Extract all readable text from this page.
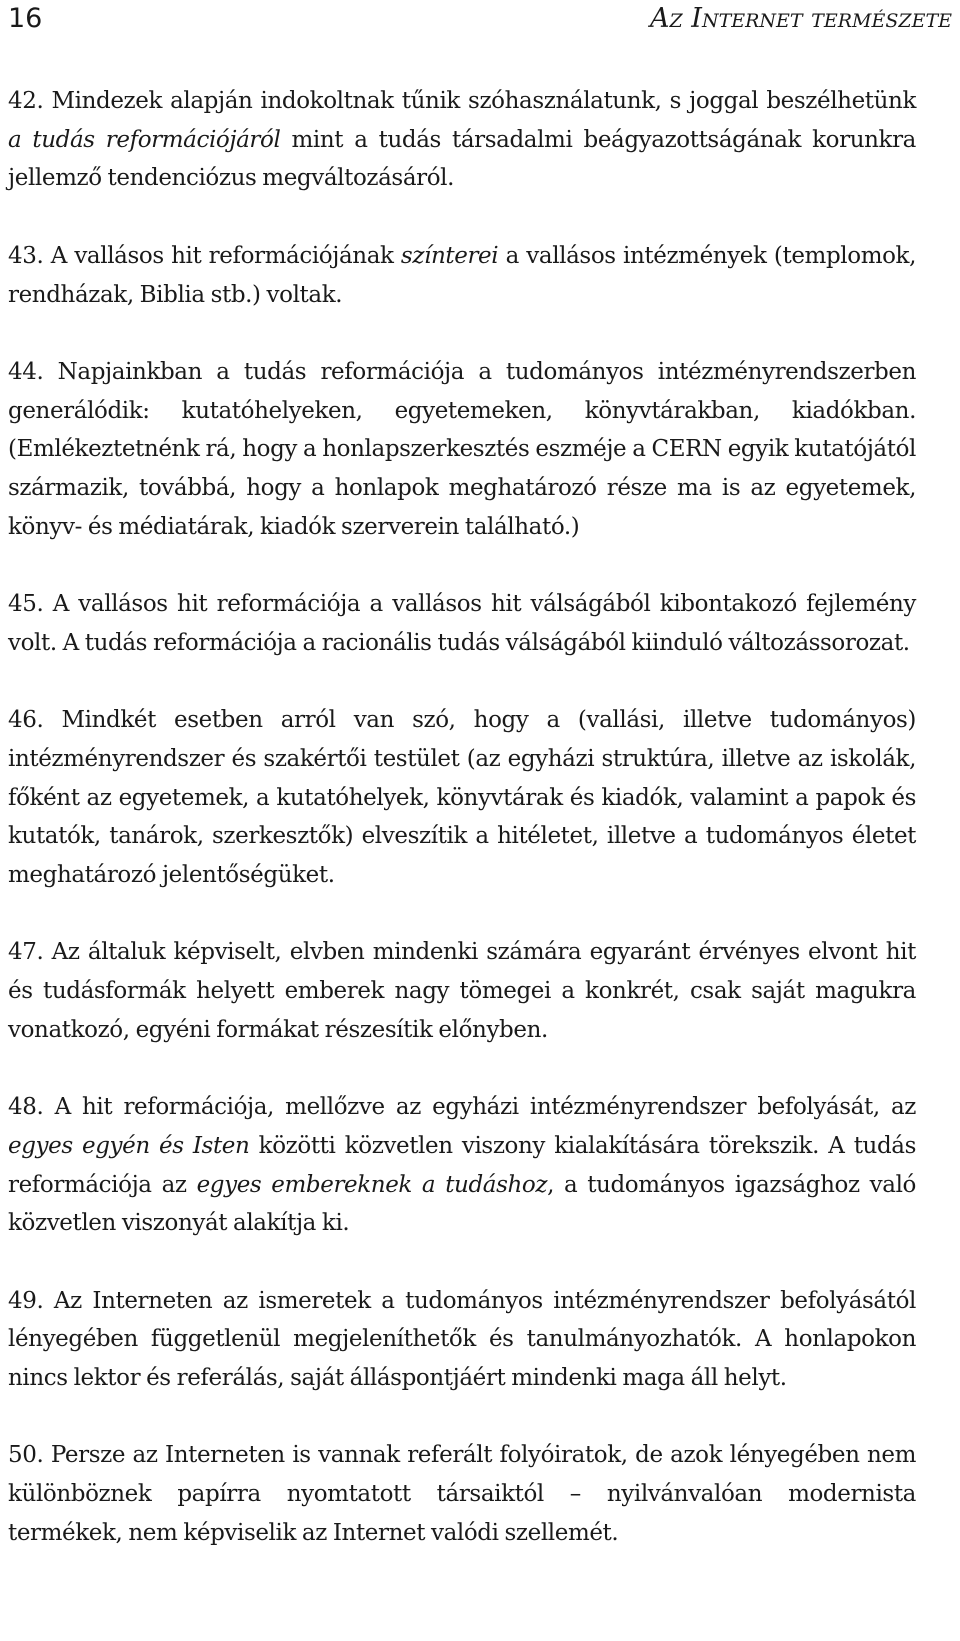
16	Az Internet természete

42. Mindezek alapján indokoltnak tűnik szóhasználatunk, s joggal beszélhetünk a tudás reformációjáról mint a tudás társadalmi beágyazottságának korunkra jellemző tendenciózus megváltozásáról.

43. A vallásos hit reformációjának színterei a vallásos intézmények (templomok, rendházak, Biblia stb.) voltak.

44. Napjainkban a tudás reformációja a tudományos intézményrendszerben generálódik: kutatóhelyeken, egyetemeken, könyvtárakban, kiadókban. (Emlékeztetnénk rá, hogy a honlapszerkesztés eszméje a CERN egyik kutatójától származik, továbbá, hogy a honlapok meghatározó része ma is az egyetemek, könyv- és médiatárak, kiadók szerverein található.)

45. A vallásos hit reformációja a vallásos hit válságából kibontakozó fejlemény volt. A tudás reformációja a racionális tudás válságából kiinduló változássorozat.

46. Mindkét esetben arról van szó, hogy a (vallási, illetve tudományos) intézményrendszer és szakértői testület (az egyházi struktúra, illetve az iskolák, főként az egyetemek, a kutatóhelyek, könyvtárak és kiadók, valamint a papok és kutatók, tanárok, szerkesztők) elveszítik a hitéletet, illetve a tudományos életet meghatározó jelentőségüket.

47. Az általuk képviselt, elvben mindenki számára egyaránt érvényes elvont hit és tudásformák helyett emberek nagy tömegei a konkrét, csak saját magukra vonatkozó, egyéni formákat részesítik előnyben.

48. A hit reformációja, mellőzve az egyházi intézményrendszer befolyását, az egyes egyén és Isten közötti közvetlen viszony kialakítására törekszik. A tudás reformációja az egyes embereknek a tudáshoz, a tudományos igazsághoz való közvetlen viszonyát alakítja ki.

49. Az Interneten az ismeretek a tudományos intézményrendszer befolyásától lényegében függetlenül megjeleníthetők és tanulmányozhatók. A honlapokon nincs lektor és referálás, saját álláspontjáért mindenki maga áll helyt.

50. Persze az Interneten is vannak referált folyóiratok, de azok lényegében nem különböznek papírra nyomtatott társaiktól – nyilvánvalóan modernista termékek, nem képviselik az Internet valódi szellemét.
